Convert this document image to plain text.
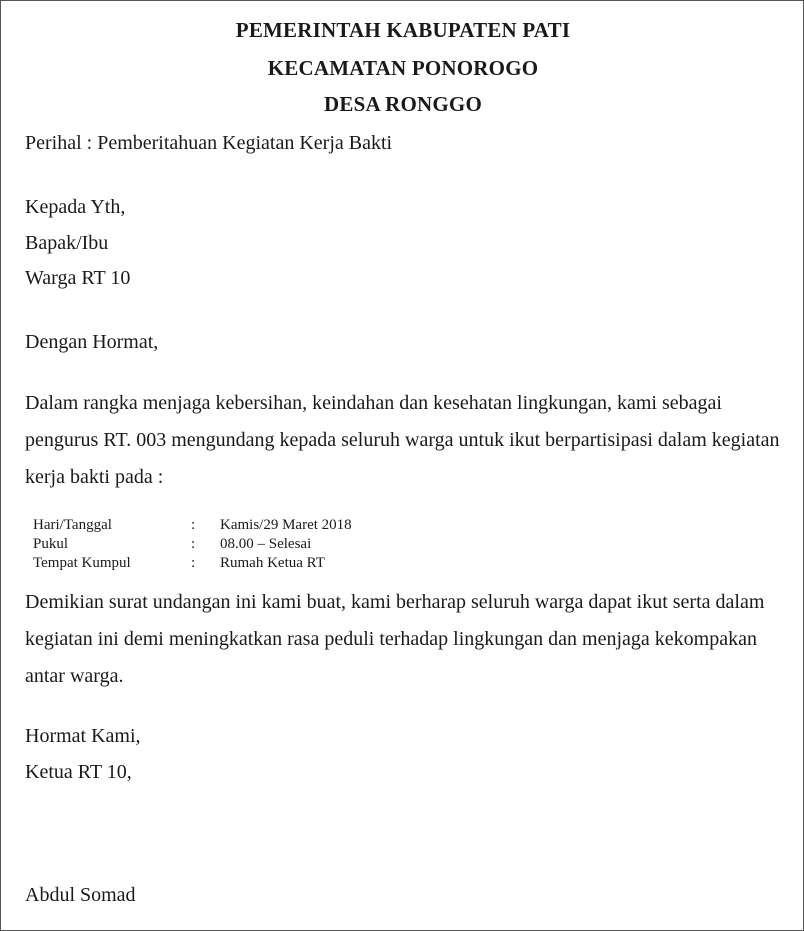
PEMERINTAH KABUPATEN PATI
KECAMATAN PONOROGO
DESA RONGGO
Perihal : Pemberitahuan Kegiatan Kerja Bakti
Kepada Yth,
Bapak/Ibu
Warga RT 10
Dengan Hormat,
Dalam rangka menjaga kebersihan, keindahan dan kesehatan lingkungan, kami sebagai pengurus RT. 003 mengundang kepada seluruh warga untuk ikut berpartisipasi dalam kegiatan kerja bakti pada :
Hari/Tanggal	: Kamis/29 Maret 2018
Pukul	: 08.00 – Selesai
Tempat Kumpul	: Rumah Ketua RT
Demikian surat undangan ini kami buat, kami berharap seluruh warga dapat ikut serta dalam kegiatan ini demi meningkatkan rasa peduli terhadap lingkungan dan menjaga kekompakan antar warga.
Hormat Kami,
Ketua RT 10,
Abdul Somad
